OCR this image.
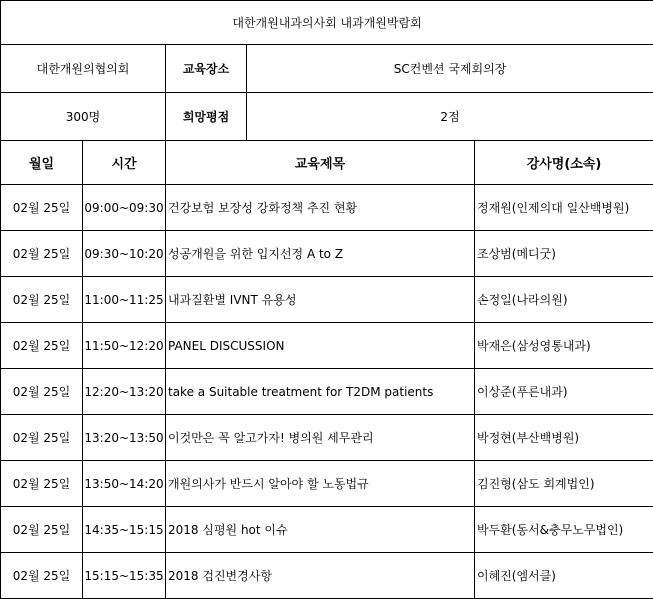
대한개원내과의사회 내과개원박람회				
대한개원의협의회		교육장소	SC컨벤션 국제회의장	
300명		희망평점	2점	
월일	시간	교육제목		강사명(소속)
02월 25일	09:00~09:30	건강보험 보장성 강화정책 추진 현황		정재원(인제의대 일산백병원)
02월 25일	09:30~10:20	성공개원을 위한 입지선정 A to Z		조상범(메디굿)
02월 25일	11:00~11:25	내과질환별 IVNT 유용성		손정일(나라의원)
02월 25일	11:50~12:20	PANEL DISCUSSION		박재은(삼성영통내과)
02월 25일	12:20~13:20	take a Suitable treatment for T2DM patients		이상준(푸른내과)
02월 25일	13:20~13:50	이것만은 꼭 알고가자! 병의원 세무관리		박정현(부산백병원)
02월 25일	13:50~14:20	개원의사가 반드시 알아야 할 노동법규		김진형(삼도 회계법인)
02월 25일	14:35~15:15	2018 심평원 hot 이슈		박두환(동서&충무노무법인)
02월 25일	15:15~15:35	2018 검진변경사항		이혜진(엠서클)
